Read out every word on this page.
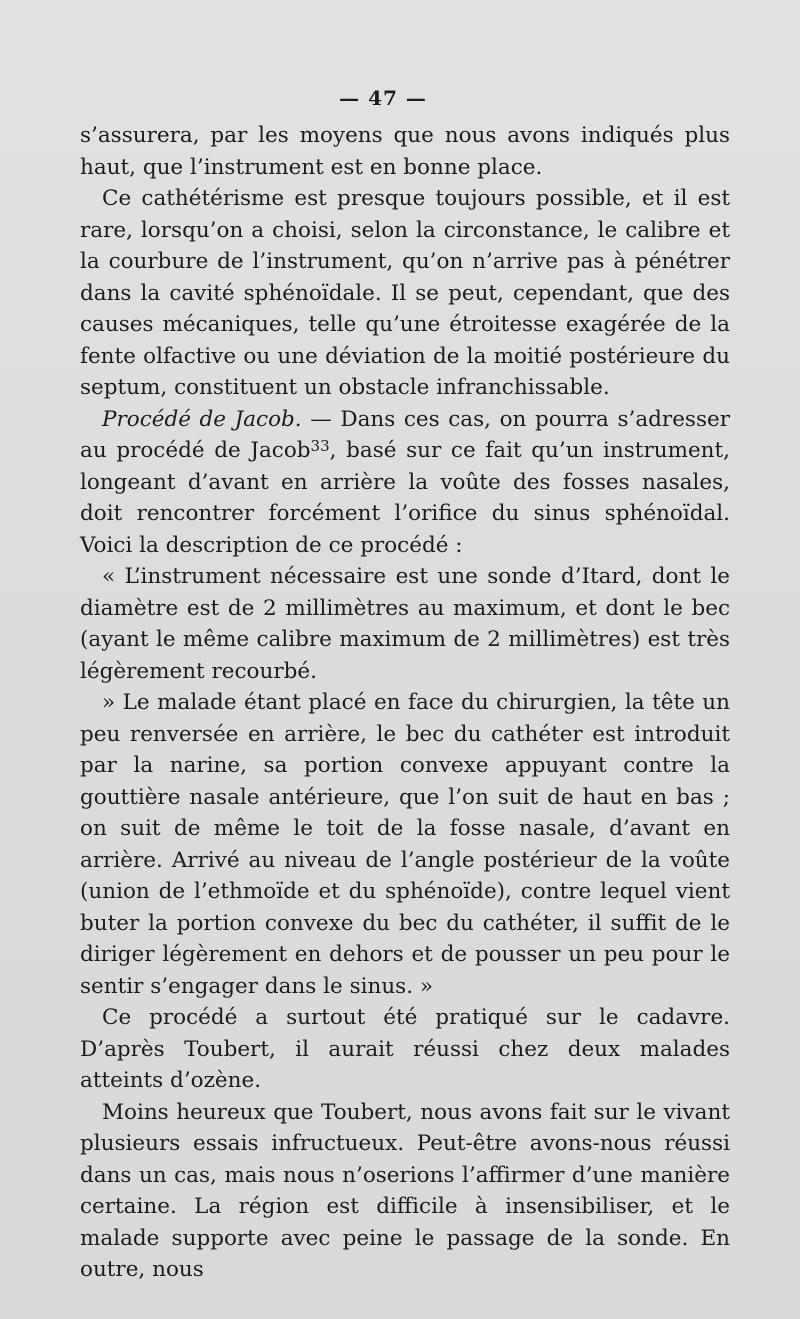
— 47 —

s’assurera, par les moyens que nous avons indiqués plus haut, que l’instrument est en bonne place.

Ce cathétérisme est presque toujours possible, et il est rare, lorsqu’on a choisi, selon la circonstance, le calibre et la courbure de l’instrument, qu’on n’arrive pas à pénétrer dans la cavité sphénoïdale. Il se peut, cependant, que des causes mécaniques, telle qu’une étroitesse exagérée de la fente olfactive ou une déviation de la moitié postérieure du septum, constituent un obstacle infranchissable.

Procédé de Jacob. — Dans ces cas, on pourra s’adresser au procédé de Jacob$^{33}$, basé sur ce fait qu’un instrument, longeant d’avant en arrière la voûte des fosses nasales, doit rencontrer forcément l’orifice du sinus sphénoïdal. Voici la description de ce procédé :

« L’instrument nécessaire est une sonde d’Itard, dont le diamètre est de 2 millimètres au maximum, et dont le bec (ayant le même calibre maximum de 2 millimètres) est très légèrement recourbé.

» Le malade étant placé en face du chirurgien, la tête un peu renversée en arrière, le bec du cathéter est introduit par la narine, sa portion convexe appuyant contre la gouttière nasale antérieure, que l’on suit de haut en bas ; on suit de même le toit de la fosse nasale, d’avant en arrière. Arrivé au niveau de l’angle postérieur de la voûte (union de l’ethmoïde et du sphénoïde), contre lequel vient buter la portion convexe du bec du cathéter, il suffit de le diriger légèrement en dehors et de pousser un peu pour le sentir s’engager dans le sinus. »

Ce procédé a surtout été pratiqué sur le cadavre. D’après Toubert, il aurait réussi chez deux malades atteints d’ozène.

Moins heureux que Toubert, nous avons fait sur le vivant plusieurs essais infructueux. Peut-être avons-nous réussi dans un cas, mais nous n’oserions l’affirmer d’une manière certaine. La région est difficile à insensibiliser, et le malade supporte avec peine le passage de la sonde. En outre, nous
